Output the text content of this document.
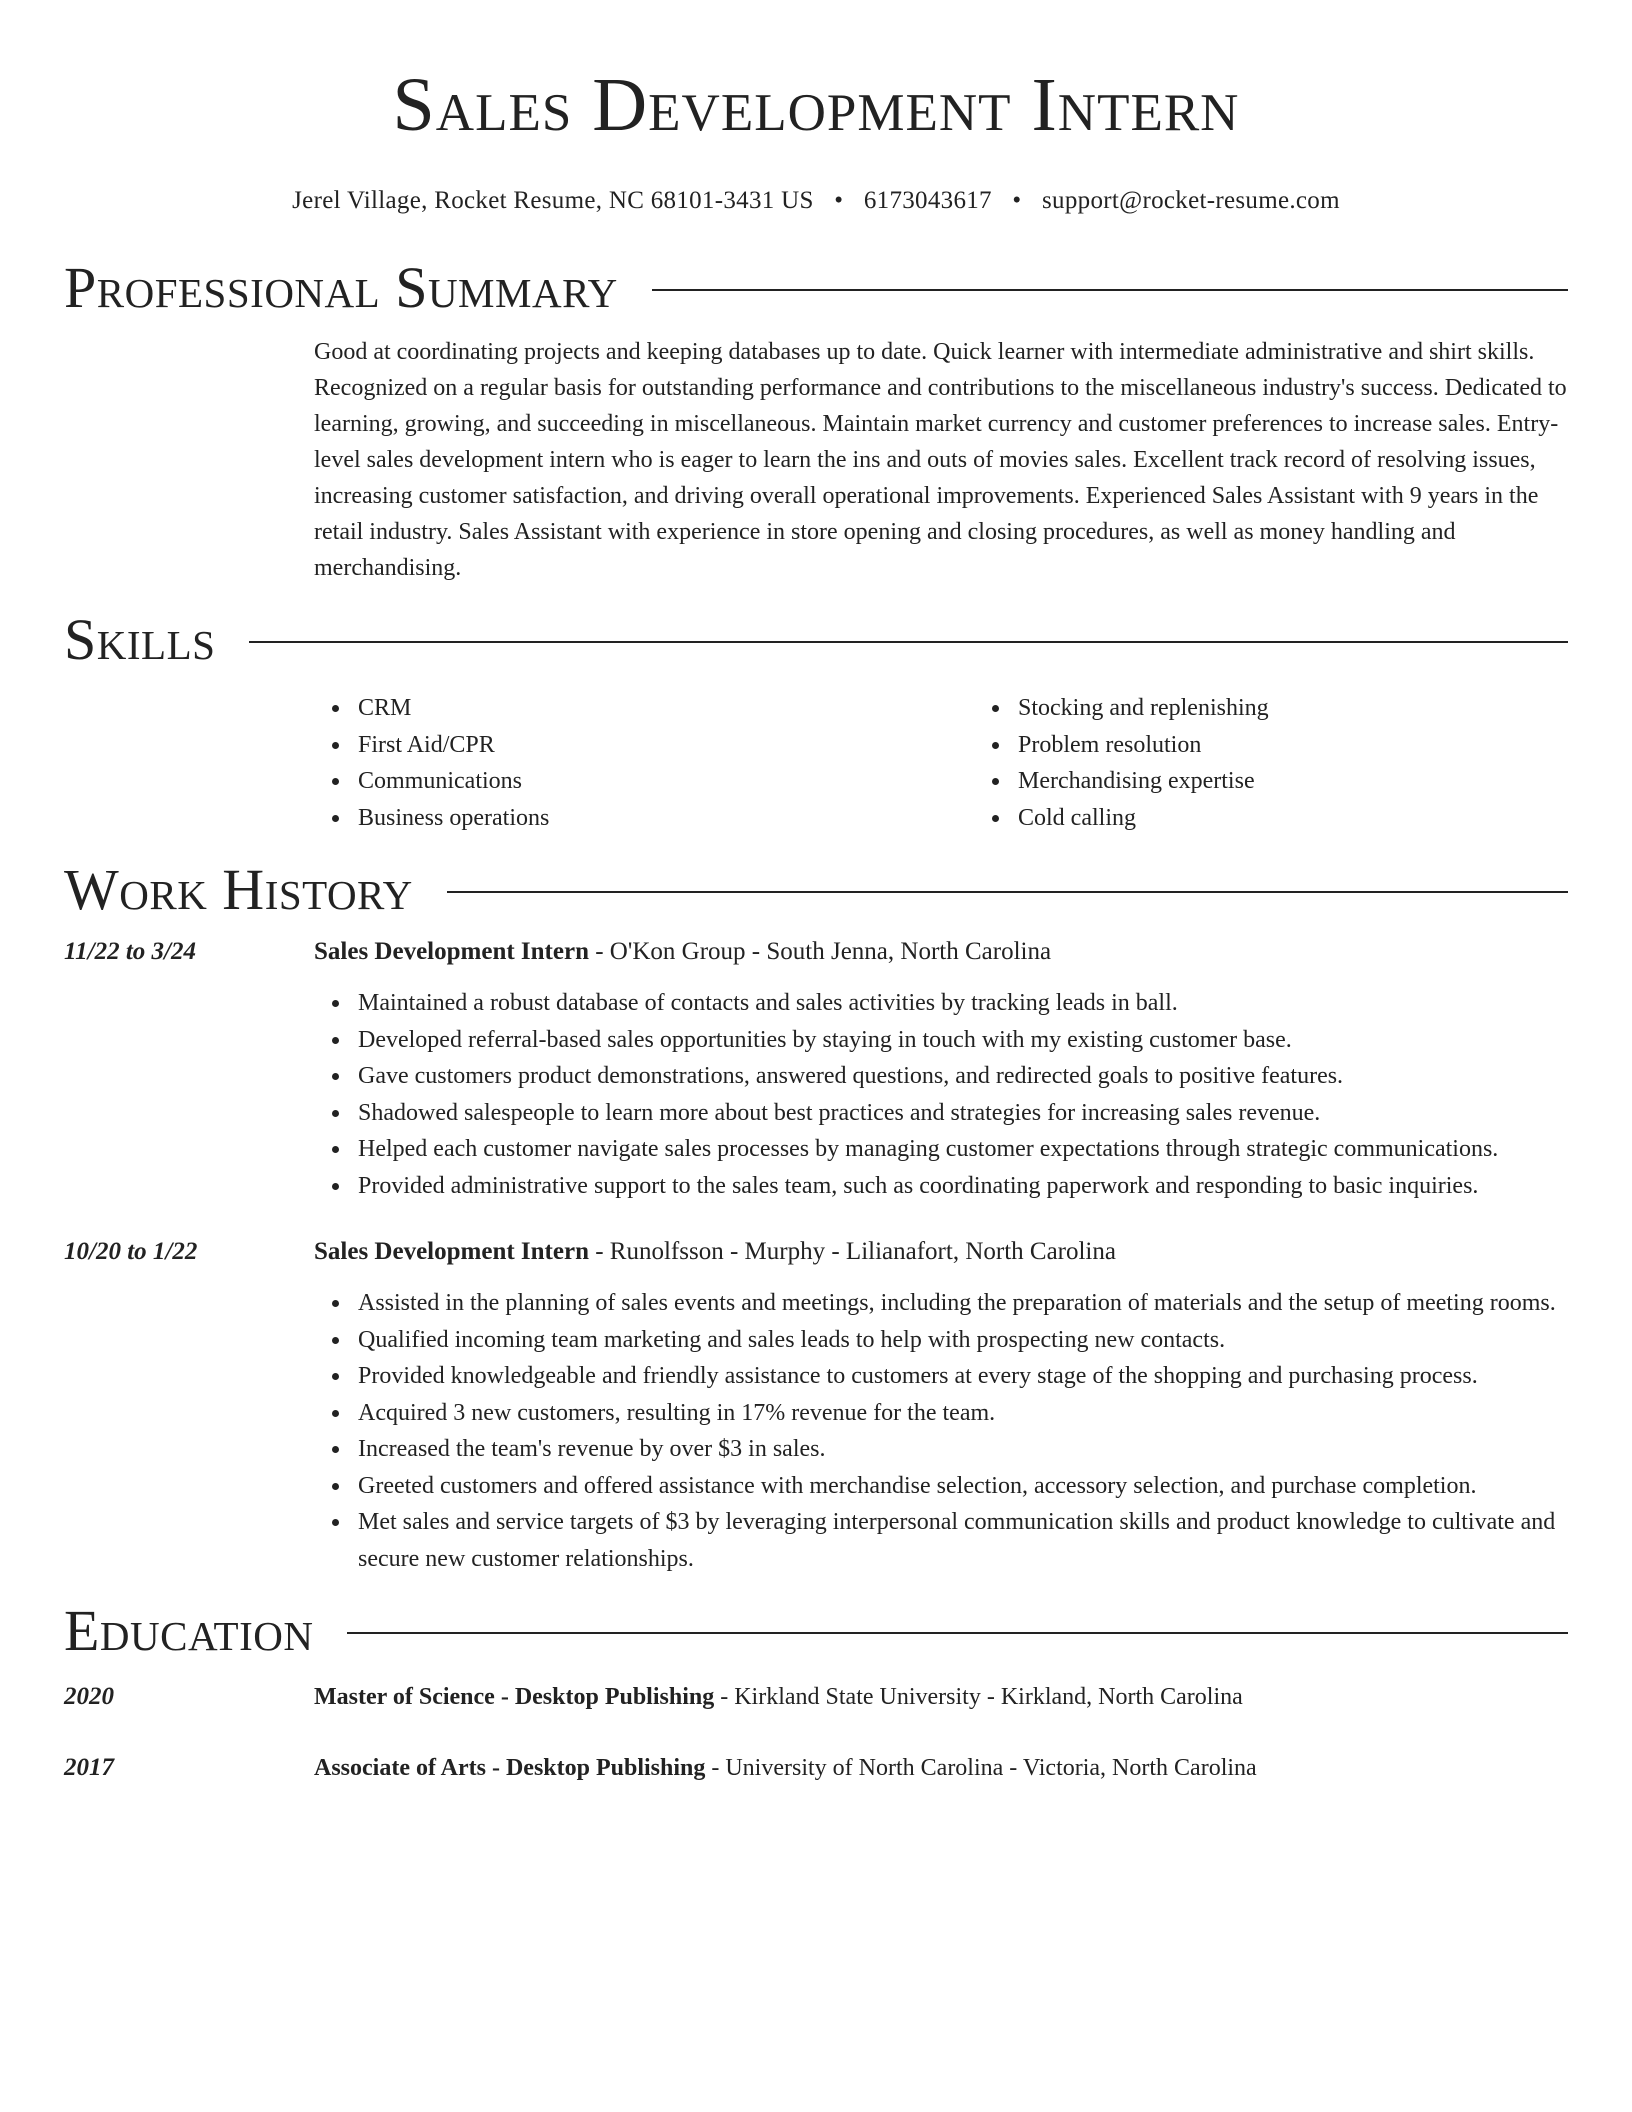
Sales Development Intern
Jerel Village, Rocket Resume, NC 68101-3431 US • 6173043617 • support@rocket-resume.com
Professional Summary
Good at coordinating projects and keeping databases up to date. Quick learner with intermediate administrative and shirt skills. Recognized on a regular basis for outstanding performance and contributions to the miscellaneous industry's success. Dedicated to learning, growing, and succeeding in miscellaneous. Maintain market currency and customer preferences to increase sales. Entry-level sales development intern who is eager to learn the ins and outs of movies sales. Excellent track record of resolving issues, increasing customer satisfaction, and driving overall operational improvements. Experienced Sales Assistant with 9 years in the retail industry. Sales Assistant with experience in store opening and closing procedures, as well as money handling and merchandising.
Skills
CRM
First Aid/CPR
Communications
Business operations
Stocking and replenishing
Problem resolution
Merchandising expertise
Cold calling
Work History
11/22 to 3/24	Sales Development Intern - O'Kon Group - South Jenna, North Carolina
Maintained a robust database of contacts and sales activities by tracking leads in ball.
Developed referral-based sales opportunities by staying in touch with my existing customer base.
Gave customers product demonstrations, answered questions, and redirected goals to positive features.
Shadowed salespeople to learn more about best practices and strategies for increasing sales revenue.
Helped each customer navigate sales processes by managing customer expectations through strategic communications.
Provided administrative support to the sales team, such as coordinating paperwork and responding to basic inquiries.
10/20 to 1/22	Sales Development Intern - Runolfsson - Murphy - Lilianafort, North Carolina
Assisted in the planning of sales events and meetings, including the preparation of materials and the setup of meeting rooms.
Qualified incoming team marketing and sales leads to help with prospecting new contacts.
Provided knowledgeable and friendly assistance to customers at every stage of the shopping and purchasing process.
Acquired 3 new customers, resulting in 17% revenue for the team.
Increased the team's revenue by over $3 in sales.
Greeted customers and offered assistance with merchandise selection, accessory selection, and purchase completion.
Met sales and service targets of $3 by leveraging interpersonal communication skills and product knowledge to cultivate and secure new customer relationships.
Education
2020	Master of Science - Desktop Publishing - Kirkland State University - Kirkland, North Carolina
2017	Associate of Arts - Desktop Publishing - University of North Carolina - Victoria, North Carolina
